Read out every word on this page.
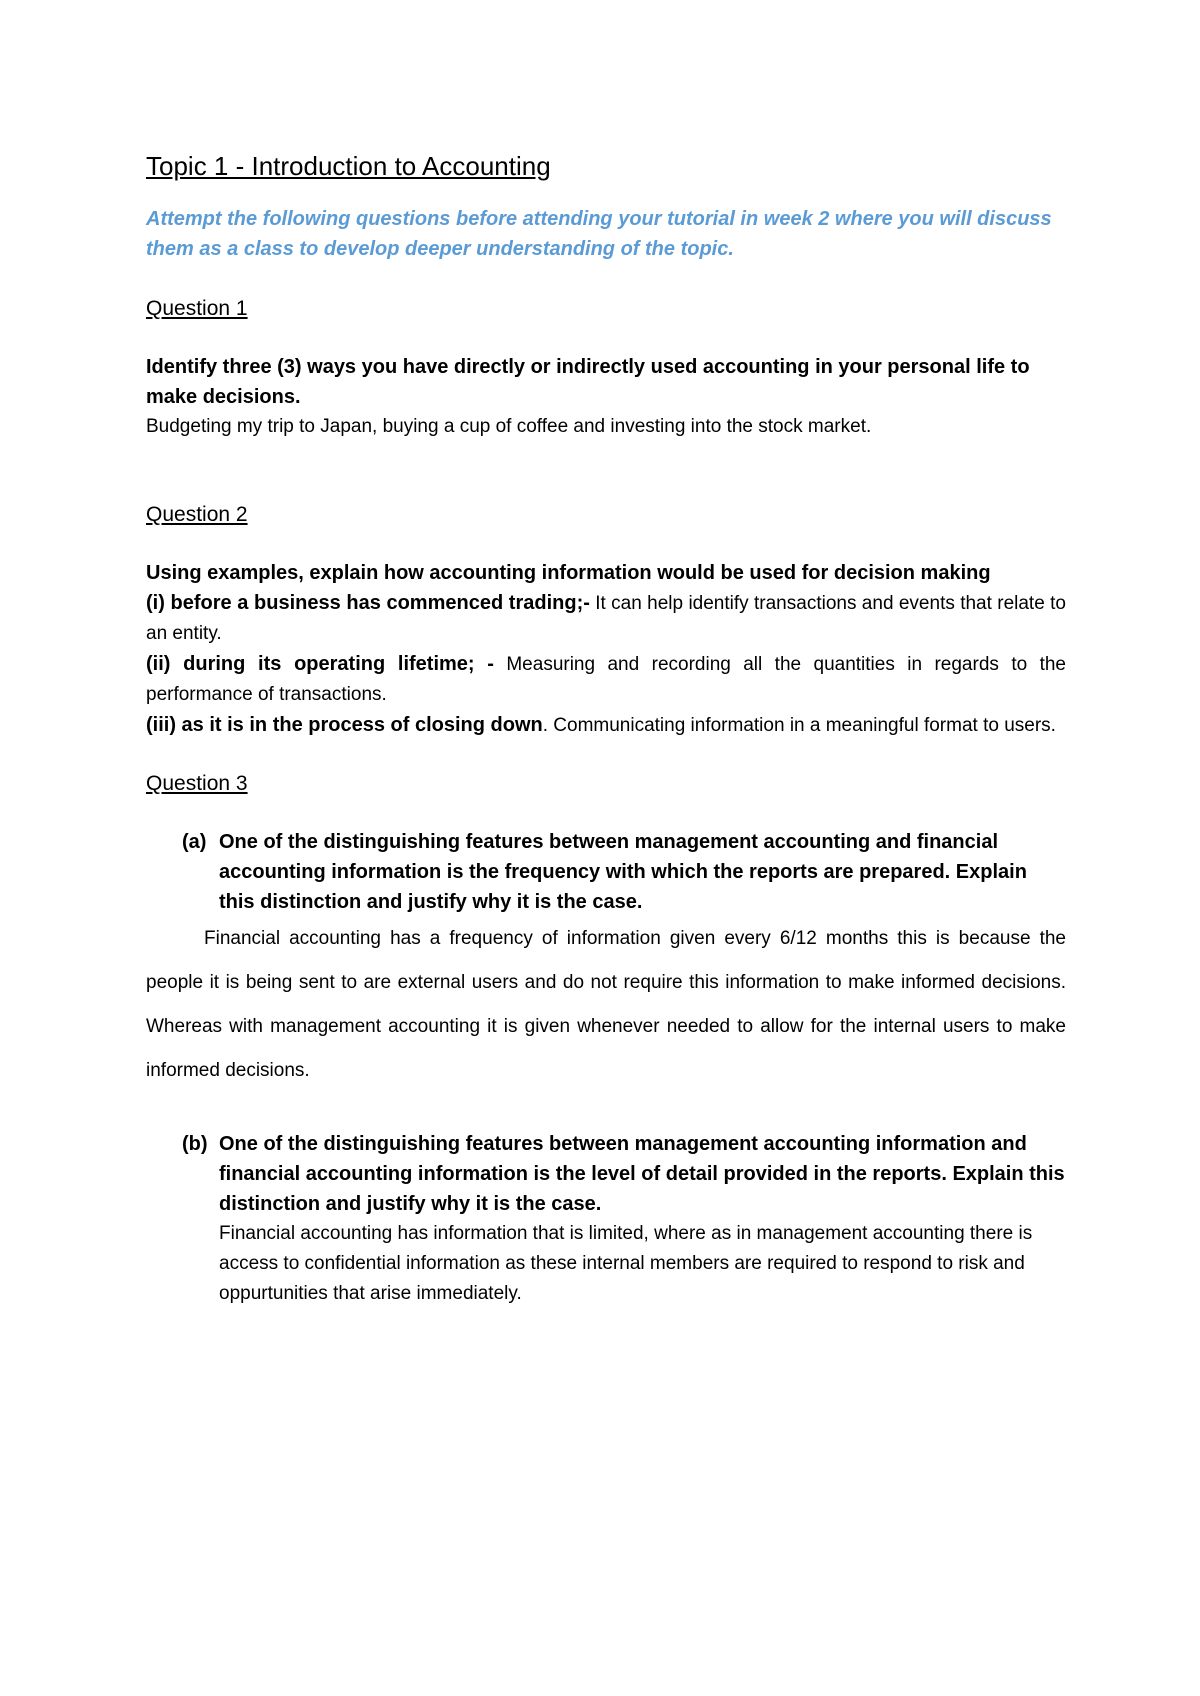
Topic 1 - Introduction to Accounting
Attempt the following questions before attending your tutorial in week 2 where you will discuss them as a class to develop deeper understanding of the topic.
Question 1

Identify three (3) ways you have directly or indirectly used accounting in your personal life to make decisions.

Budgeting my trip to Japan, buying a cup of coffee and investing into the stock market.

Question 2

Using examples, explain how accounting information would be used for decision making

(i) before a business has commenced trading;- It can help identify transactions and events that relate to an entity.

(ii) during its operating lifetime; - Measuring and recording all the quantities in regards to the performance of transactions.

(iii) as it is in the process of closing down. Communicating information in a meaningful format to users.

Question 3
(a) One of the distinguishing features between management accounting and financial accounting information is the frequency with which the reports are prepared. Explain this distinction and justify why it is the case.

Financial accounting has a frequency of information given every 6/12 months this is because the people it is being sent to are external users and do not require this information to make informed decisions. Whereas with management accounting it is given whenever needed to allow for the internal users to make informed decisions.

(b) One of the distinguishing features between management accounting information and financial accounting information is the level of detail provided in the reports. Explain this distinction and justify why it is the case.

Financial accounting has information that is limited, where as in management accounting there is access to confidential information as these internal members are required to respond to risk and oppurtunities that arise immediately.
